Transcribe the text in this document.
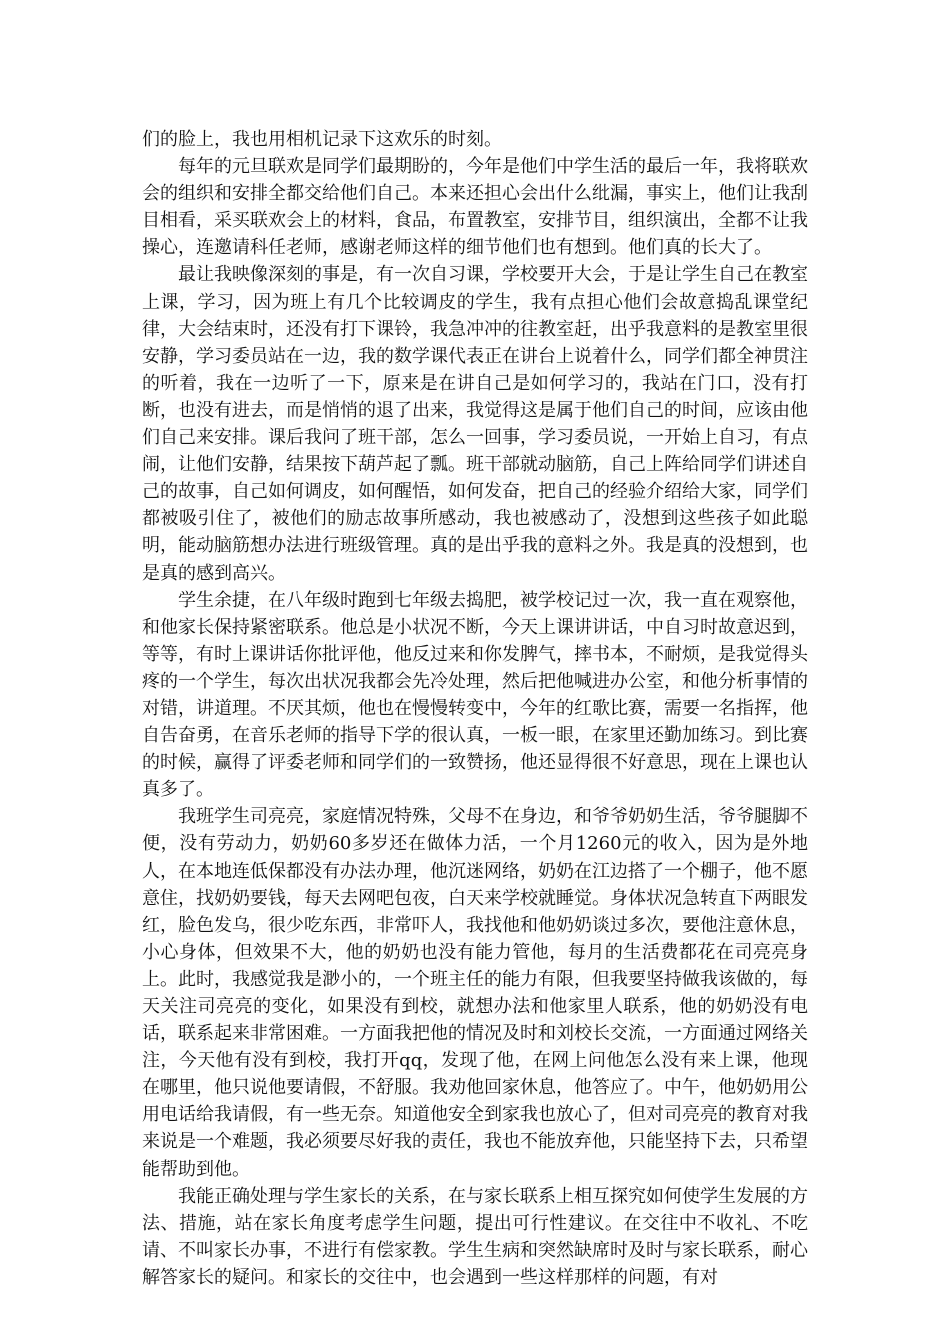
们的脸上，我也用相机记录下这欢乐的时刻。

每年的元旦联欢是同学们最期盼的，今年是他们中学生活的最后一年，我将联欢会的组织和安排全都交给他们自己。本来还担心会出什么纰漏，事实上，他们让我刮目相看，采买联欢会上的材料，食品，布置教室，安排节目，组织演出，全都不让我操心，连邀请科任老师，感谢老师这样的细节他们也有想到。他们真的长大了。

最让我映像深刻的事是，有一次自习课，学校要开大会，于是让学生自己在教室上课，学习，因为班上有几个比较调皮的学生，我有点担心他们会故意捣乱课堂纪律，大会结束时，还没有打下课铃，我急冲冲的往教室赶，出乎我意料的是教室里很安静，学习委员站在一边，我的数学课代表正在讲台上说着什么，同学们都全神贯注的听着，我在一边听了一下，原来是在讲自己是如何学习的，我站在门口，没有打断，也没有进去，而是悄悄的退了出来，我觉得这是属于他们自己的时间，应该由他们自己来安排。课后我问了班干部，怎么一回事，学习委员说，一开始上自习，有点闹，让他们安静，结果按下葫芦起了瓢。班干部就动脑筋，自己上阵给同学们讲述自己的故事，自己如何调皮，如何醒悟，如何发奋，把自己的经验介绍给大家，同学们都被吸引住了，被他们的励志故事所感动，我也被感动了，没想到这些孩子如此聪明，能动脑筋想办法进行班级管理。真的是出乎我的意料之外。我是真的没想到，也是真的感到高兴。

学生余捷，在八年级时跑到七年级去捣肥，被学校记过一次，我一直在观察他，和他家长保持紧密联系。他总是小状况不断，今天上课讲讲话，中自习时故意迟到，等等，有时上课讲话你批评他，他反过来和你发脾气，摔书本，不耐烦，是我觉得头疼的一个学生，每次出状况我都会先冷处理，然后把他喊进办公室，和他分析事情的对错，讲道理。不厌其烦，他也在慢慢转变中，今年的红歌比赛，需要一名指挥，他自告奋勇，在音乐老师的指导下学的很认真，一板一眼，在家里还勤加练习。到比赛的时候，赢得了评委老师和同学们的一致赞扬，他还显得很不好意思，现在上课也认真多了。

我班学生司亮亮，家庭情况特殊，父母不在身边，和爷爷奶奶生活，爷爷腿脚不便，没有劳动力，奶奶60多岁还在做体力活，一个月1260元的收入，因为是外地人，在本地连低保都没有办法办理，他沉迷网络，奶奶在江边搭了一个棚子，他不愿意住，找奶奶要钱，每天去网吧包夜，白天来学校就睡觉。身体状况急转直下两眼发红，脸色发乌，很少吃东西，非常吓人，我找他和他奶奶谈过多次，要他注意休息，小心身体，但效果不大，他的奶奶也没有能力管他，每月的生活费都花在司亮亮身上。此时，我感觉我是渺小的，一个班主任的能力有限，但我要坚持做我该做的，每天关注司亮亮的变化，如果没有到校，就想办法和他家里人联系，他的奶奶没有电话，联系起来非常困难。一方面我把他的情况及时和刘校长交流，一方面通过网络关注，今天他有没有到校，我打开qq，发现了他，在网上问他怎么没有来上课，他现在哪里，他只说他要请假，不舒服。我劝他回家休息，他答应了。中午，他奶奶用公用电话给我请假，有一些无奈。知道他安全到家我也放心了，但对司亮亮的教育对我来说是一个难题，我必须要尽好我的责任，我也不能放弃他，只能坚持下去，只希望能帮助到他。

我能正确处理与学生家长的关系，在与家长联系上相互探究如何使学生发展的方法、措施，站在家长角度考虑学生问题，提出可行性建议。在交往中不收礼、不吃请、不叫家长办事，不进行有偿家教。学生生病和突然缺席时及时与家长联系，耐心解答家长的疑问。和家长的交往中，也会遇到一些这样那样的问题，有对
